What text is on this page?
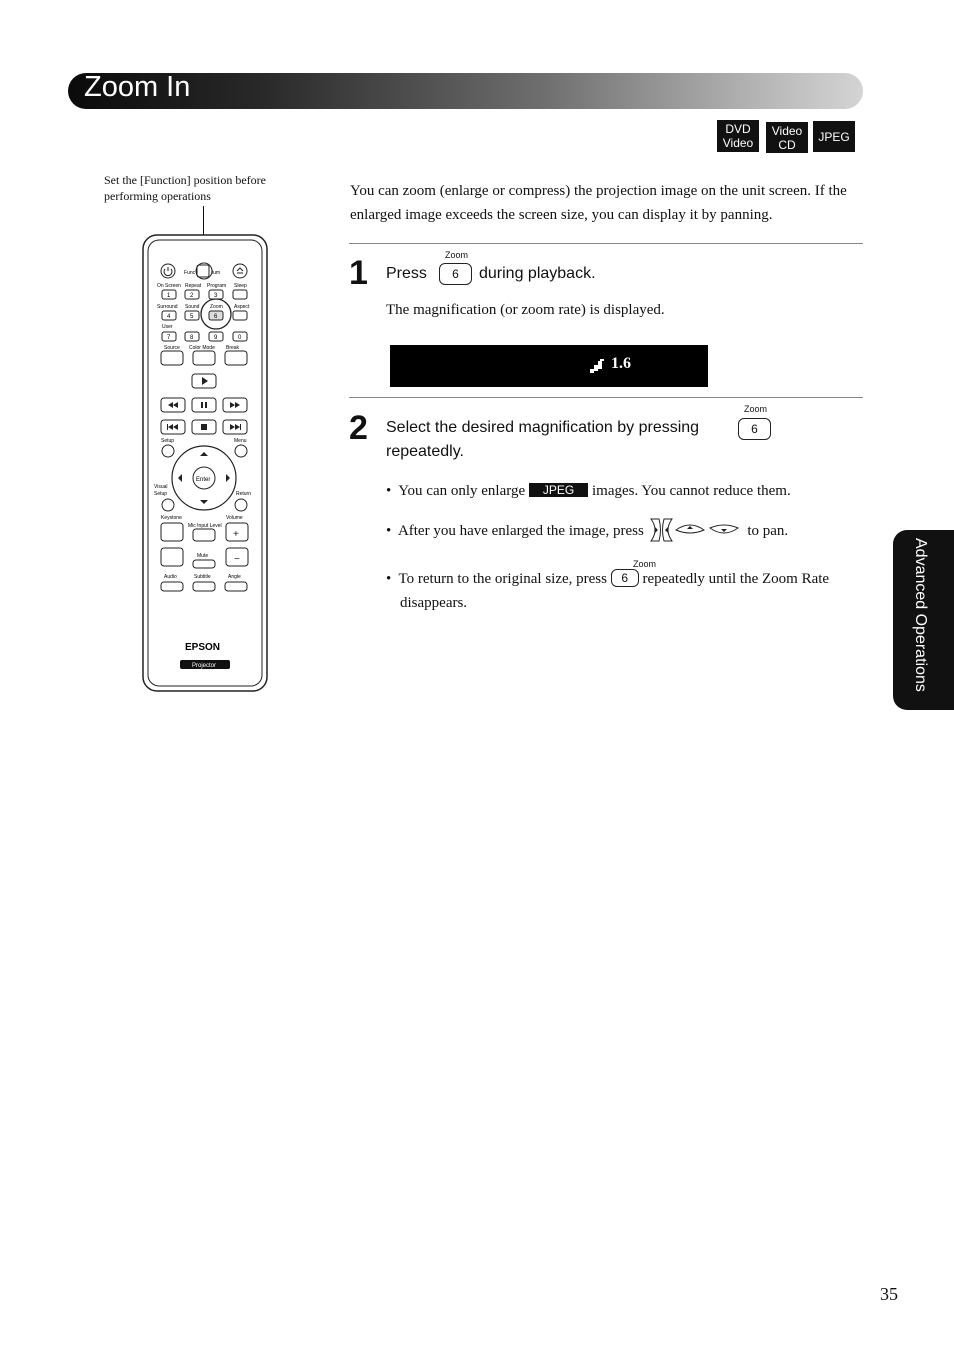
Zoom In
DVD Video
Video CD
JPEG
Set the [Function] position before performing operations
Func	lum
On Screen Repeat Program Sleep
1	2	3
Surround Sound Zoom Aspect
4	5	6
User
7	8	9	0
Source Color Mode Break
Setup	Menu
Enter
Visual
Setup	Return
Keystone	Volume
Mic Input Level
+
−
Mute
Audio	Subtitle	Angle
EPSON
Projector
You can zoom (enlarge or compress) the projection image on the unit screen. If the enlarged image exceeds the screen size, you can display it by panning.
1 Press
Zoom
6	during playback.
The magnification (or zoom rate) is displayed.
1.6
2 Select the desired magnification by pressing
Zoom
6
repeatedly.
•  You can only enlarge JPEG images. You cannot reduce them.
•  After you have enlarged the image, press	to pan.
Zoom
•  To return to the original size, press 6 repeatedly until the Zoom Rate disappears.	Advanced Operations
35
